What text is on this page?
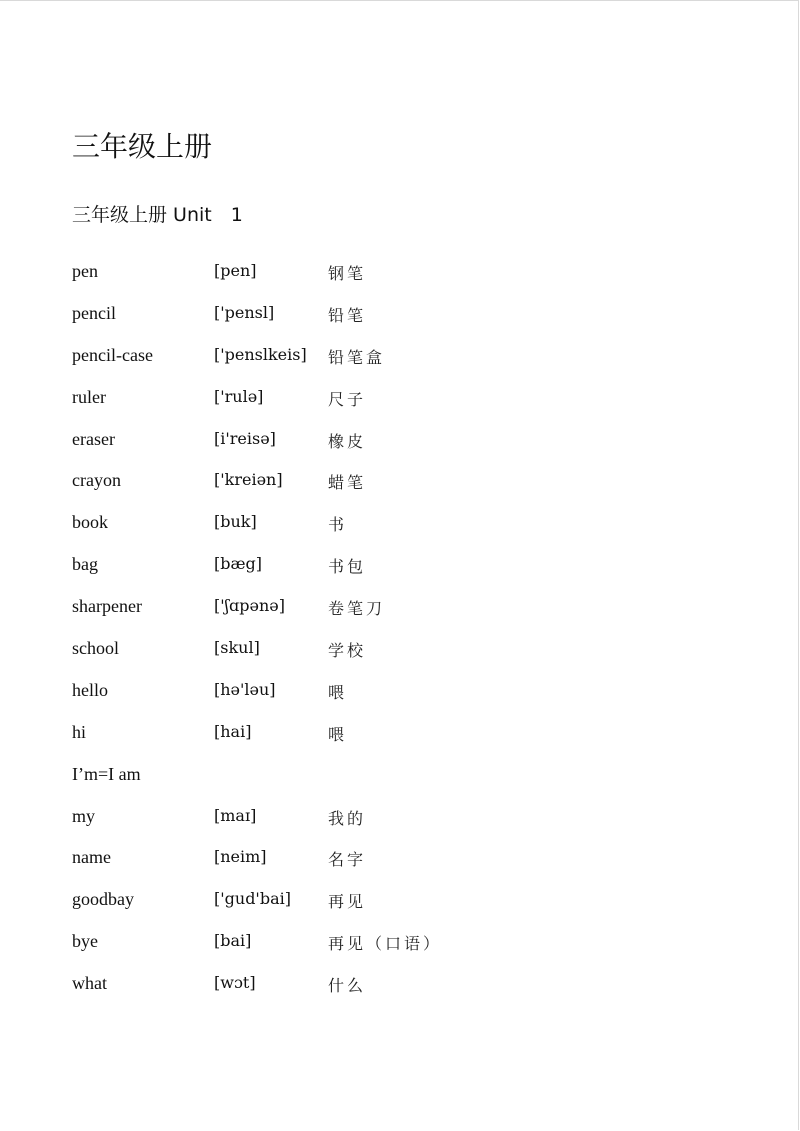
三年级上册
三年级上册 Unit　1
pen	[pen]	钢笔
pencil	['pensl]	铅笔
pencil-case	['penslkeis] 铅笔盒
ruler	['rulə]	尺子
eraser	[i'reisə]	橡皮
crayon	['kreiən]	蜡笔
book	[buk]	书
bag	[bæg]	书包
sharpener	['ʃɑpənə]	卷笔刀
school	[skul]	学校
hello	[hə'ləu]	喂
hi	[hai]	喂
I’m=I am
my	[maɪ]	我的
name	[neim]	名字
goodbay	['gud'bai] 再见
bye	[bai]	再见（口语）
what	[wɔt]	什么
